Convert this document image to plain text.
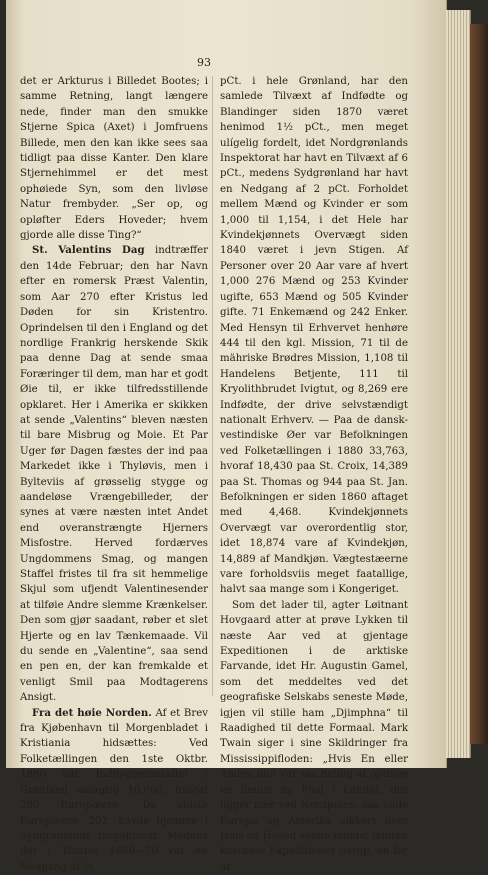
93

det er Arkturus i Billedet Bootes; i samme Retning, langt længere nede, finder man den smukke Stjerne Spica (Axet) i Jomfruens Billede, men den kan ikke sees saa tidligt paa disse Kanter. Den klare Stjernehimmel er det mest ophøiede Syn, som den livløse Natur frembyder. „Ser op, og opløfter Eders Hoveder; hvem gjorde alle disse Ting?“

St. Valentins Dag indtræffer den 14de Februar; den har Navn efter en romersk Præst Valentin, som Aar 270 efter Kristus led Døden for sin Kristentro. Oprindelsen til den i England og det nordlige Frankrig herskende Skik paa denne Dag at sende smaa Foræringer til dem, man har et godt Øie til, er ikke tilfredsstillende opklaret. Her i Amerika er skikken at sende „Valentins“ bleven næsten til bare Misbrug og Moie. Et Par Uger før Dagen fæstes der ind paa Markedet ikke i Thyløvis, men i Bylteviis af grøsselig stygge og aandeløse Vrængebilleder, der synes at være næsten intet Andet end overanstrængte Hjerners Misfostre. Herved fordærves Ungdommens Smag, og mangen Staffel fristes til fra sit hemmelige Skjul som ufjendt Valentinesender at tilføie Andre slemme Krænkelser. Den som gjør saadant, røber et slet Hjerte og en lav Tænkemaade. Vil du sende en „Valentine“, saa send en pen en, der kan fremkalde et venligt Smil paa Modtagerens Ansigt.

Fra det høie Norden. Af et Brev fra Kjøbenhavn til Morgenbladet i Kristiania hidsættes: Ved Folketællingen den 1ste Oktbr. 1880 var Indbyggerantallet i Grønland nøiagtig 10,000, hvoraf 280 Europæere. De sidste Europæere, 202, havde hjemme i Sydgrønlands Inspektorat. Medens der i Tiaaret 1860—70 var en Nedgang af ½

pCt. i hele Grønland, har den samlede Tilvæxt af Indfødte og Blandinger siden 1870 været henimod 1½ pCt., men meget ulígelig fordelt, idet Nordgrønlands Inspektorat har havt en Tilvæxt af 6 pCt., medens Sydgrønland har havt en Nedgang af 2 pCt. Forholdet mellem Mænd og Kvinder er som 1,000 til 1,154, i det Hele har Kvindekjønnets Overvægt siden 1840 været i jevn Stigen. Af Personer over 20 Aar vare af hvert 1,000 276 Mænd og 253 Kvinder ugifte, 653 Mænd og 505 Kvinder gifte. 71 Enkemænd og 242 Enker. Med Hensyn til Erhvervet henhøre 444 til den kgl. Mission, 71 til de mähriske Brødres Mission, 1,108 til Handelens Betjente, 111 til Kryolithbrudet Ivigtut, og 8,269 ere Indfødte, der drive selvstændigt nationalt Erhverv. — Paa de dansk-vestindiske Øer var Befolkningen ved Folketællingen i 1880 33,763, hvoraf 18,430 paa St. Croix, 14,389 paa St. Thomas og 944 paa St. Jan. Befolkningen er siden 1860 aftaget med 4,468. Kvindekjønnets Overvægt var overordentlig stor, idet 18,874 vare af Kvindekjøn, 14,889 af Mandkjøn. Vægtestæerne vare forholdsviis meget faatallige, halvt saa mange som i Kongeriget.

Som det lader til, agter Løitnant Hovgaard atter at prøve Lykken til næste Aar ved at gjentage Expeditionen i de arktiske Farvande, idet Hr. Augustin Gamel, som det meddeltes ved det geografiske Selskabs seneste Møde, igjen vil stille ham „Djimphna“ til Raadighed til dette Formaal. Mark Twain siger i sine Skildringer fra Mississippifloden: „Hvis En eller Anden blot var saa heldig at opdage en Smule ny Flod i Landet, der ligger nær ved Nordpolen, saa vilde Europa og Amerika sikkert over Hals og Hoved sende mindst femten kostbare Expeditioner derop, en for at
